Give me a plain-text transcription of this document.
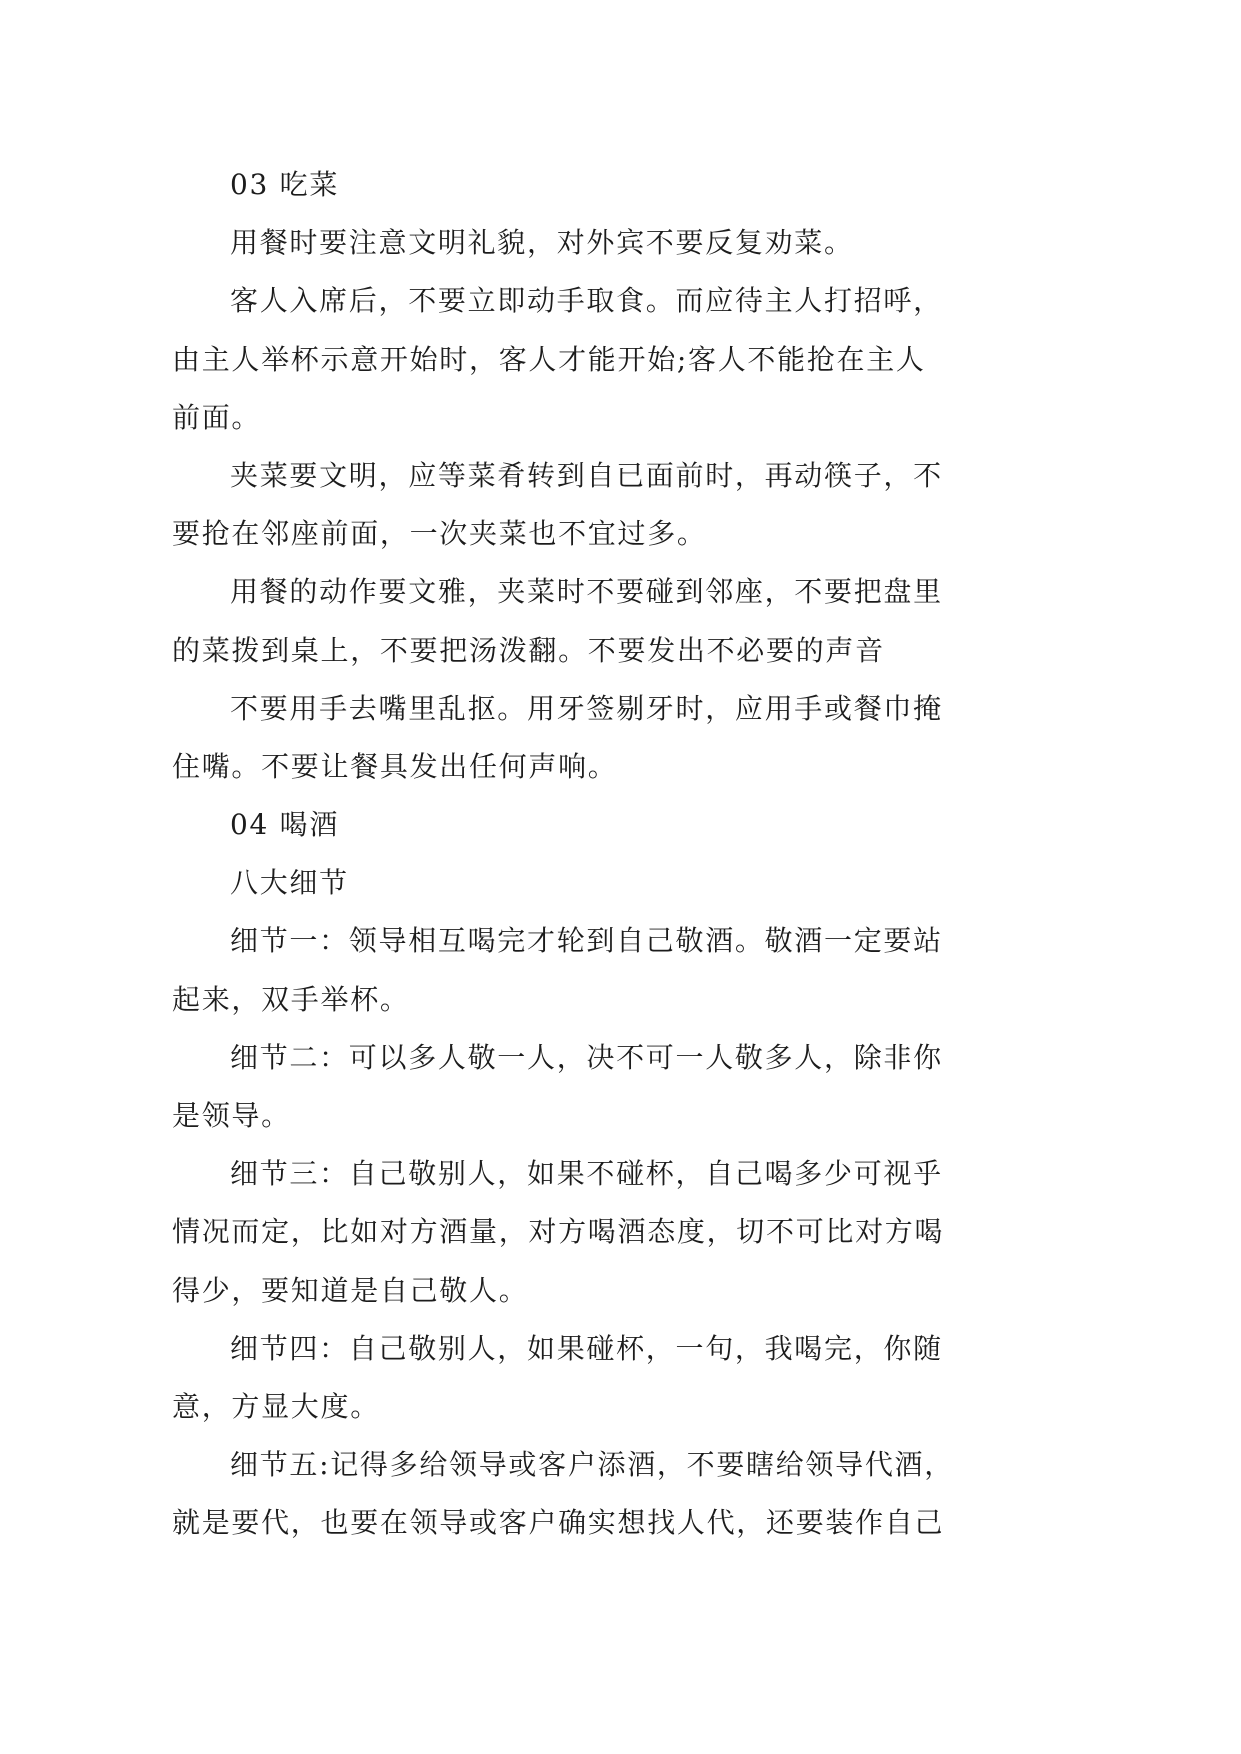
03 吃菜
用餐时要注意文明礼貌，对外宾不要反复劝菜。
客人入席后，不要立即动手取食。而应待主人打招呼，
由主人举杯示意开始时，客人才能开始;客人不能抢在主人
前面。
夹菜要文明，应等菜肴转到自已面前时，再动筷子，不
要抢在邻座前面，一次夹菜也不宜过多。
用餐的动作要文雅，夹菜时不要碰到邻座，不要把盘里
的菜拨到桌上，不要把汤泼翻。不要发出不必要的声音
不要用手去嘴里乱抠。用牙签剔牙时，应用手或餐巾掩
住嘴。不要让餐具发出任何声响。
04 喝酒
八大细节
细节一：领导相互喝完才轮到自己敬酒。敬酒一定要站
起来，双手举杯。
细节二：可以多人敬一人，决不可一人敬多人，除非你
是领导。
细节三：自己敬别人，如果不碰杯，自己喝多少可视乎
情况而定，比如对方酒量，对方喝酒态度，切不可比对方喝
得少，要知道是自己敬人。
细节四：自己敬别人，如果碰杯，一句，我喝完，你随
意，方显大度。
细节五:记得多给领导或客户添酒，不要瞎给领导代酒，
就是要代，也要在领导或客户确实想找人代，还要装作自己
